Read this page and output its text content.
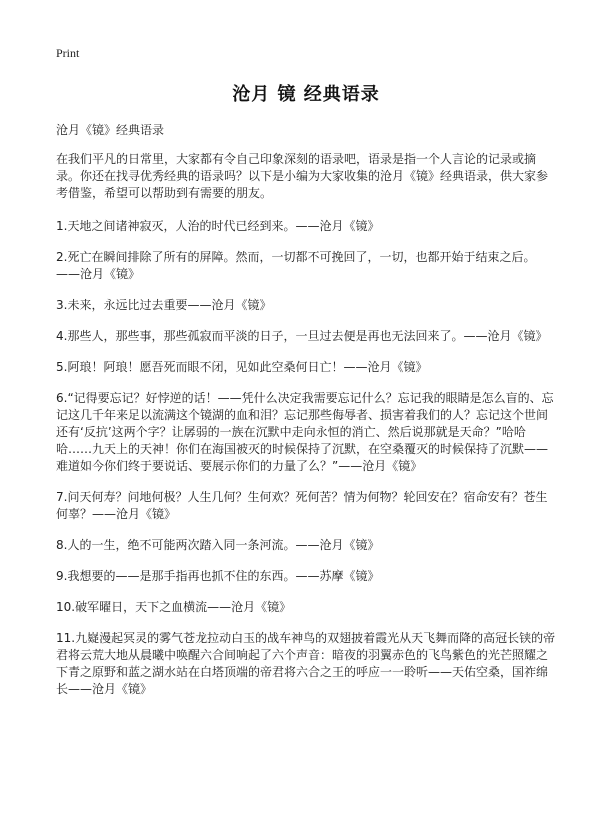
Print
沧月 镜 经典语录

沧月《镜》经典语录

在我们平凡的日常里，大家都有令自己印象深刻的语录吧，语录是指一个人言论的记录或摘录。你还在找寻优秀经典的语录吗？以下是小编为大家收集的沧月《镜》经典语录，供大家参考借鉴，希望可以帮助到有需要的朋友。

1.天地之间诸神寂灭，人治的时代已经到来。——沧月《镜》

2.死亡在瞬间排除了所有的屏障。然而，一切都不可挽回了，一切，也都开始于结束之后。——沧月《镜》

3.未来，永远比过去重要——沧月《镜》

4.那些人，那些事，那些孤寂而平淡的日子，一旦过去便是再也无法回来了。——沧月《镜》

5.阿琅！阿琅！愿吾死而眼不闭，见如此空桑何日亡！——沧月《镜》

6.“记得要忘记？好悖逆的话！——凭什么决定我需要忘记什么？忘记我的眼睛是怎么盲的、忘记这几千年来足以流满这个镜湖的血和泪？忘记那些侮辱者、损害着我们的人？忘记这个世间还有‘反抗’这两个字？让孱弱的一族在沉默中走向永恒的消亡、然后说那就是天命？”哈哈哈……九天上的天神！你们在海国被灭的时候保持了沉默，在空桑覆灭的时候保持了沉默——难道如今你们终于要说话、要展示你们的力量了么？”——沧月《镜》

7.问天何寿？问地何极？人生几何？生何欢？死何苦？情为何物？轮回安在？宿命安有？苍生何辜？——沧月《镜》

8.人的一生，绝不可能两次踏入同一条河流。——沧月《镜》

9.我想要的——是那手指再也抓不住的东西。——苏摩《镜》

10.破军曜日，天下之血横流——沧月《镜》

11.九嶷漫起冥灵的雾气苍龙拉动白玉的战车神鸟的双翅披着霞光从天飞舞而降的高冠长铗的帝君将云荒大地从晨曦中唤醒六合间响起了六个声音：暗夜的羽翼赤色的飞鸟紫色的光芒照耀之下青之原野和蓝之湖水站在白塔顶端的帝君将六合之王的呼应一一聆听——天佑空桑，国祚绵长——沧月《镜》
